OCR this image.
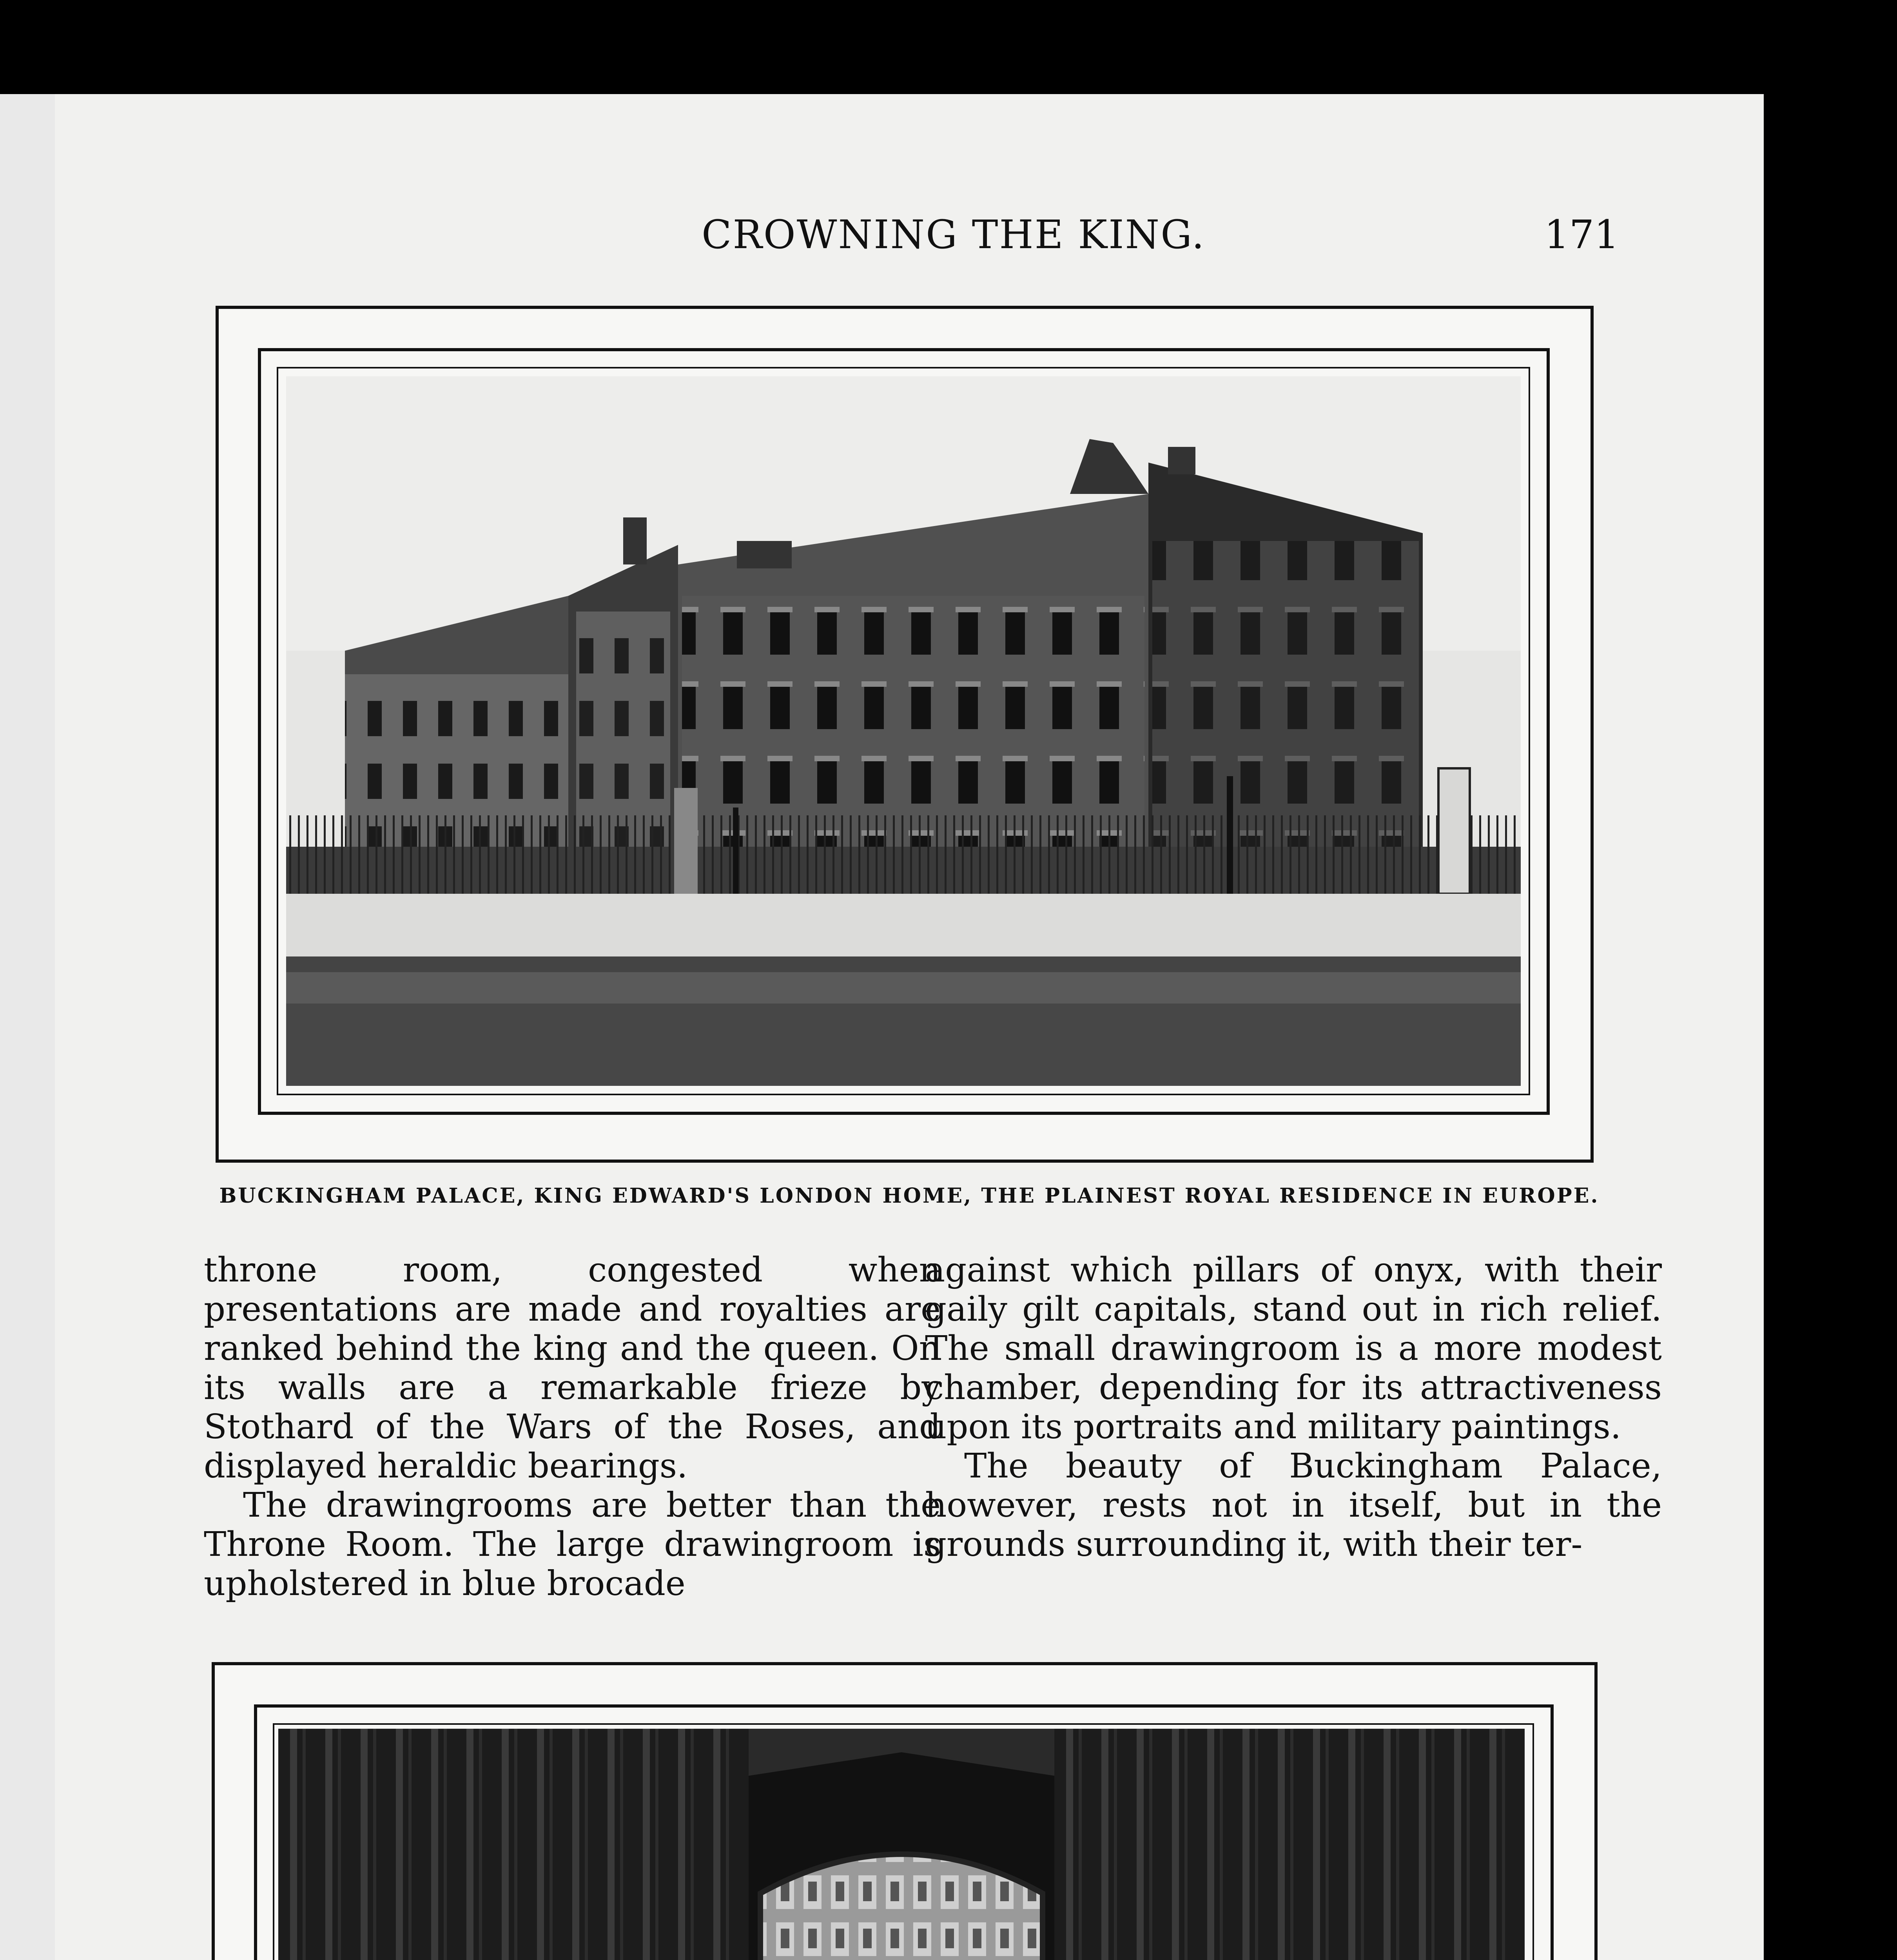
CROWNING THE KING.	171
BUCKINGHAM PALACE, KING EDWARD'S LONDON HOME, THE PLAINEST ROYAL RESIDENCE IN EUROPE.

throne room, congested when presentations are made and royalties are ranked behind the king and the queen. On its walls are a remarkable frieze by Stothard of the Wars of the Roses, and displayed heraldic bearings.

The drawingrooms are better than the Throne Room. The large drawingroom is upholstered in blue brocade

against which pillars of onyx, with their gaily gilt capitals, stand out in rich relief. The small drawingroom is a more modest chamber, depending for its attractiveness upon its portraits and military paintings.

The beauty of Buckingham Palace, however, rests not in itself, but in the grounds surrounding it, with their ter-
